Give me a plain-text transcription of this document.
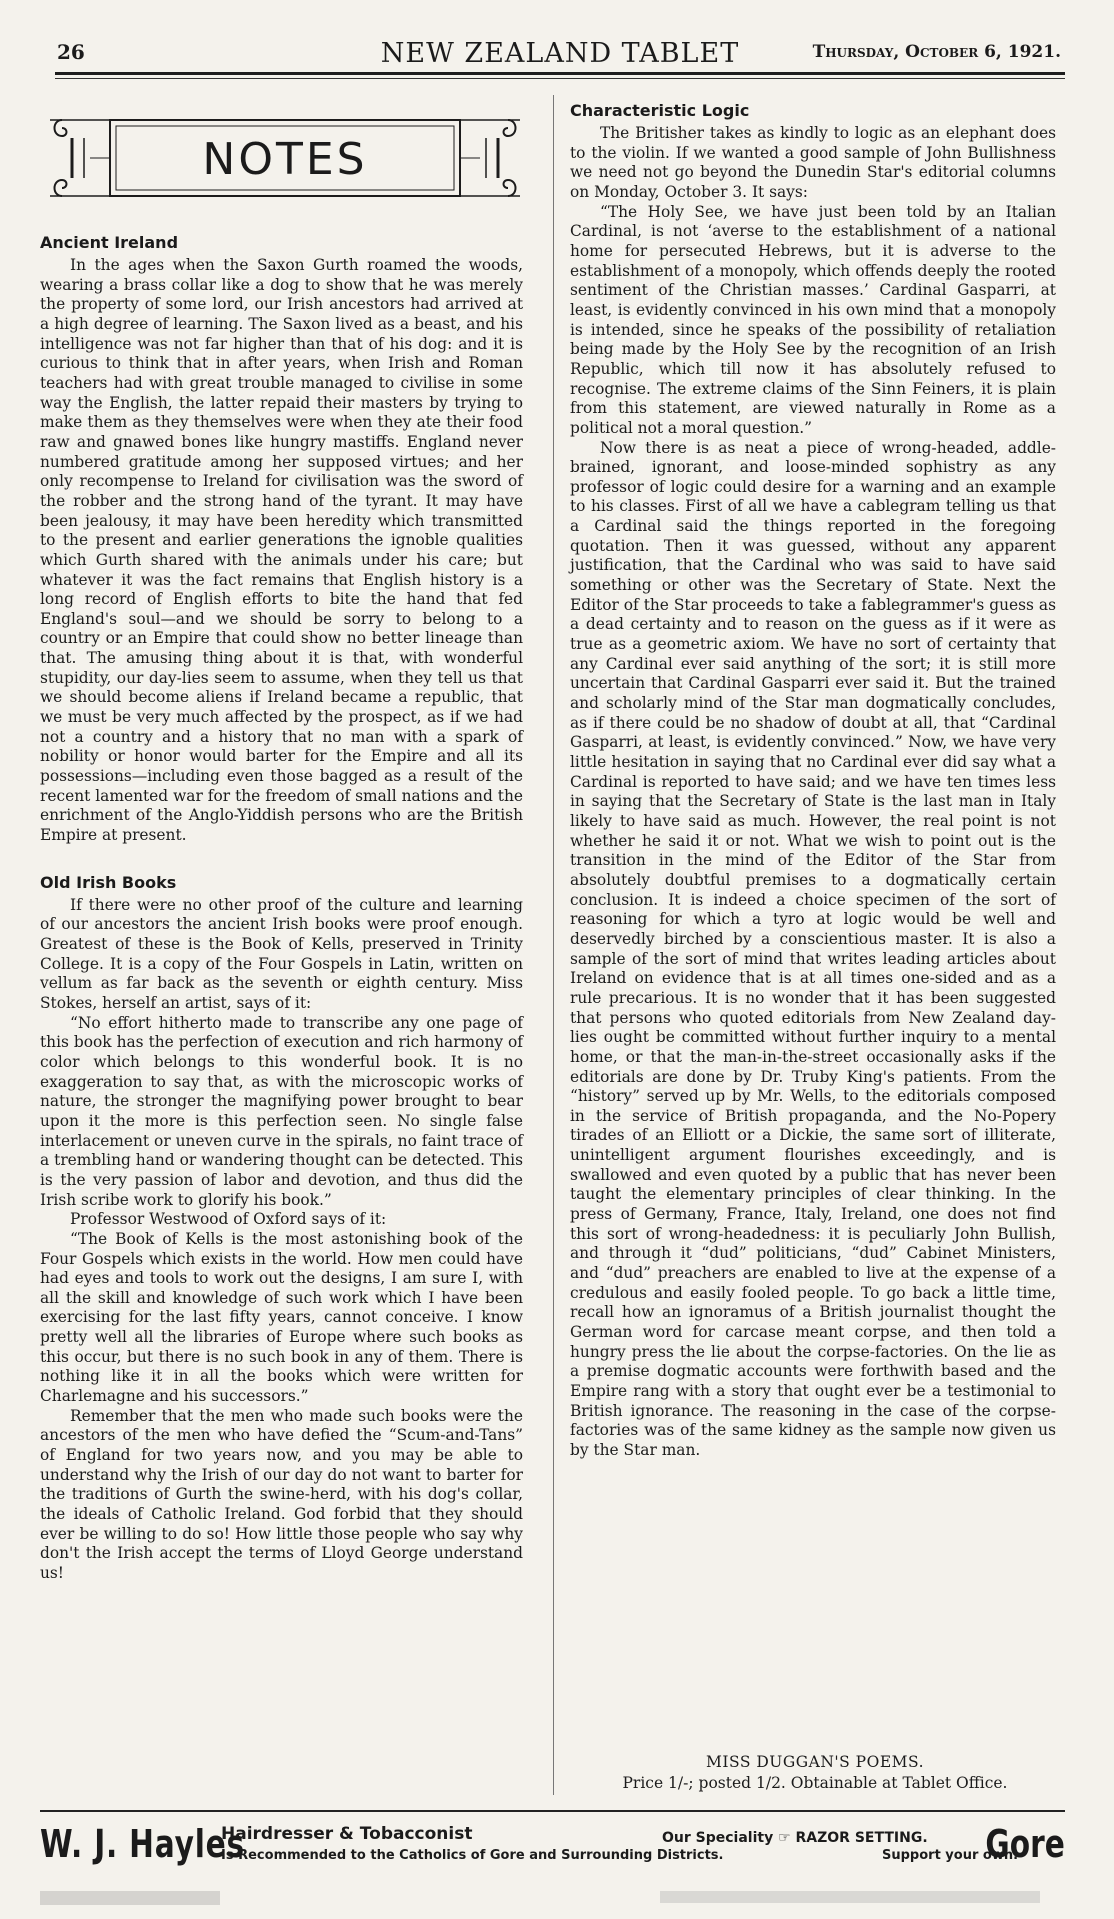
26	NEW ZEALAND TABLET	Thursday, October 6, 1921.
NOTES
Ancient Ireland

In the ages when the Saxon Gurth roamed the woods, wearing a brass collar like a dog to show that he was merely the property of some lord, our Irish ancestors had arrived at a high degree of learning. The Saxon lived as a beast, and his intelligence was not far higher than that of his dog: and it is curious to think that in after years, when Irish and Roman teachers had with great trouble managed to civilise in some way the English, the latter repaid their masters by trying to make them as they themselves were when they ate their food raw and gnawed bones like hungry mastiffs. England never numbered gratitude among her supposed virtues; and her only recompense to Ireland for civilisation was the sword of the robber and the strong hand of the tyrant. It may have been jealousy, it may have been heredity which transmitted to the present and earlier generations the ignoble qualities which Gurth shared with the animals under his care; but whatever it was the fact remains that English history is a long record of English efforts to bite the hand that fed England's soul—and we should be sorry to belong to a country or an Empire that could show no better lineage than that. The amusing thing about it is that, with wonderful stupidity, our day-lies seem to assume, when they tell us that we should become aliens if Ireland became a republic, that we must be very much affected by the prospect, as if we had not a country and a history that no man with a spark of nobility or honor would barter for the Empire and all its possessions—including even those bagged as a result of the recent lamented war for the freedom of small nations and the enrichment of the Anglo-Yiddish persons who are the British Empire at present.

Old Irish Books

If there were no other proof of the culture and learning of our ancestors the ancient Irish books were proof enough. Greatest of these is the Book of Kells, preserved in Trinity College. It is a copy of the Four Gospels in Latin, written on vellum as far back as the seventh or eighth century. Miss Stokes, herself an artist, says of it:

“No effort hitherto made to transcribe any one page of this book has the perfection of execution and rich harmony of color which belongs to this wonderful book. It is no exaggeration to say that, as with the microscopic works of nature, the stronger the magnifying power brought to bear upon it the more is this perfection seen. No single false interlacement or uneven curve in the spirals, no faint trace of a trembling hand or wandering thought can be detected. This is the very passion of labor and devotion, and thus did the Irish scribe work to glorify his book.”

Professor Westwood of Oxford says of it:

“The Book of Kells is the most astonishing book of the Four Gospels which exists in the world. How men could have had eyes and tools to work out the designs, I am sure I, with all the skill and knowledge of such work which I have been exercising for the last fifty years, cannot conceive. I know pretty well all the libraries of Europe where such books as this occur, but there is no such book in any of them. There is nothing like it in all the books which were written for Charlemagne and his successors.”

Remember that the men who made such books were the ancestors of the men who have defied the “Scum-and-Tans” of England for two years now, and you may be able to understand why the Irish of our day do not want to barter for the traditions of Gurth the swine-herd, with his dog's collar, the ideals of Catholic Ireland. God forbid that they should ever be willing to do so! How little those people who say why don't the Irish accept the terms of Lloyd George understand us!

Characteristic Logic

The Britisher takes as kindly to logic as an elephant does to the violin. If we wanted a good sample of John Bullishness we need not go beyond the Dunedin Star's editorial columns on Monday, October 3. It says:

“The Holy See, we have just been told by an Italian Cardinal, is not ‘averse to the establishment of a national home for persecuted Hebrews, but it is adverse to the establishment of a monopoly, which offends deeply the rooted sentiment of the Christian masses.’ Cardinal Gasparri, at least, is evidently convinced in his own mind that a monopoly is intended, since he speaks of the possibility of retaliation being made by the Holy See by the recognition of an Irish Republic, which till now it has absolutely refused to recognise. The extreme claims of the Sinn Feiners, it is plain from this statement, are viewed naturally in Rome as a political not a moral question.”

Now there is as neat a piece of wrong-headed, addle-brained, ignorant, and loose-minded sophistry as any professor of logic could desire for a warning and an example to his classes. First of all we have a cablegram telling us that a Cardinal said the things reported in the foregoing quotation. Then it was guessed, without any apparent justification, that the Cardinal who was said to have said something or other was the Secretary of State. Next the Editor of the Star proceeds to take a fablegrammer's guess as a dead certainty and to reason on the guess as if it were as true as a geometric axiom. We have no sort of certainty that any Cardinal ever said anything of the sort; it is still more uncertain that Cardinal Gasparri ever said it. But the trained and scholarly mind of the Star man dogmatically concludes, as if there could be no shadow of doubt at all, that “Cardinal Gasparri, at least, is evidently convinced.” Now, we have very little hesitation in saying that no Cardinal ever did say what a Cardinal is reported to have said; and we have ten times less in saying that the Secretary of State is the last man in Italy likely to have said as much. However, the real point is not whether he said it or not. What we wish to point out is the transition in the mind of the Editor of the Star from absolutely doubtful premises to a dogmatically certain conclusion. It is indeed a choice specimen of the sort of reasoning for which a tyro at logic would be well and deservedly birched by a conscientious master. It is also a sample of the sort of mind that writes leading articles about Ireland on evidence that is at all times one-sided and as a rule precarious. It is no wonder that it has been suggested that persons who quoted editorials from New Zealand day-lies ought be committed without further inquiry to a mental home, or that the man-in-the-street occasionally asks if the editorials are done by Dr. Truby King's patients. From the “history” served up by Mr. Wells, to the editorials composed in the service of British propaganda, and the No-Popery tirades of an Elliott or a Dickie, the same sort of illiterate, unintelligent argument flourishes exceedingly, and is swallowed and even quoted by a public that has never been taught the elementary principles of clear thinking. In the press of Germany, France, Italy, Ireland, one does not find this sort of wrong-headedness: it is peculiarly John Bullish, and through it “dud” politicians, “dud” Cabinet Ministers, and “dud” preachers are enabled to live at the expense of a credulous and easily fooled people. To go back a little time, recall how an ignoramus of a British journalist thought the German word for carcase meant corpse, and then told a hungry press the lie about the corpse-factories. On the lie as a premise dogmatic accounts were forthwith based and the Empire rang with a story that ought ever be a testimonial to British ignorance. The reasoning in the case of the corpse-factories was of the same kidney as the sample now given us by the Star man.

MISS DUGGAN'S POEMS.
Price 1/-; posted 1/2. Obtainable at Tablet Office.
W. J. Hayles
Hairdresser & Tobacconist
Is Recommended to the Catholics of Gore and Surrounding Districts.
Our Speciality ☞ RAZOR SETTING.
Support your own.
Gore
